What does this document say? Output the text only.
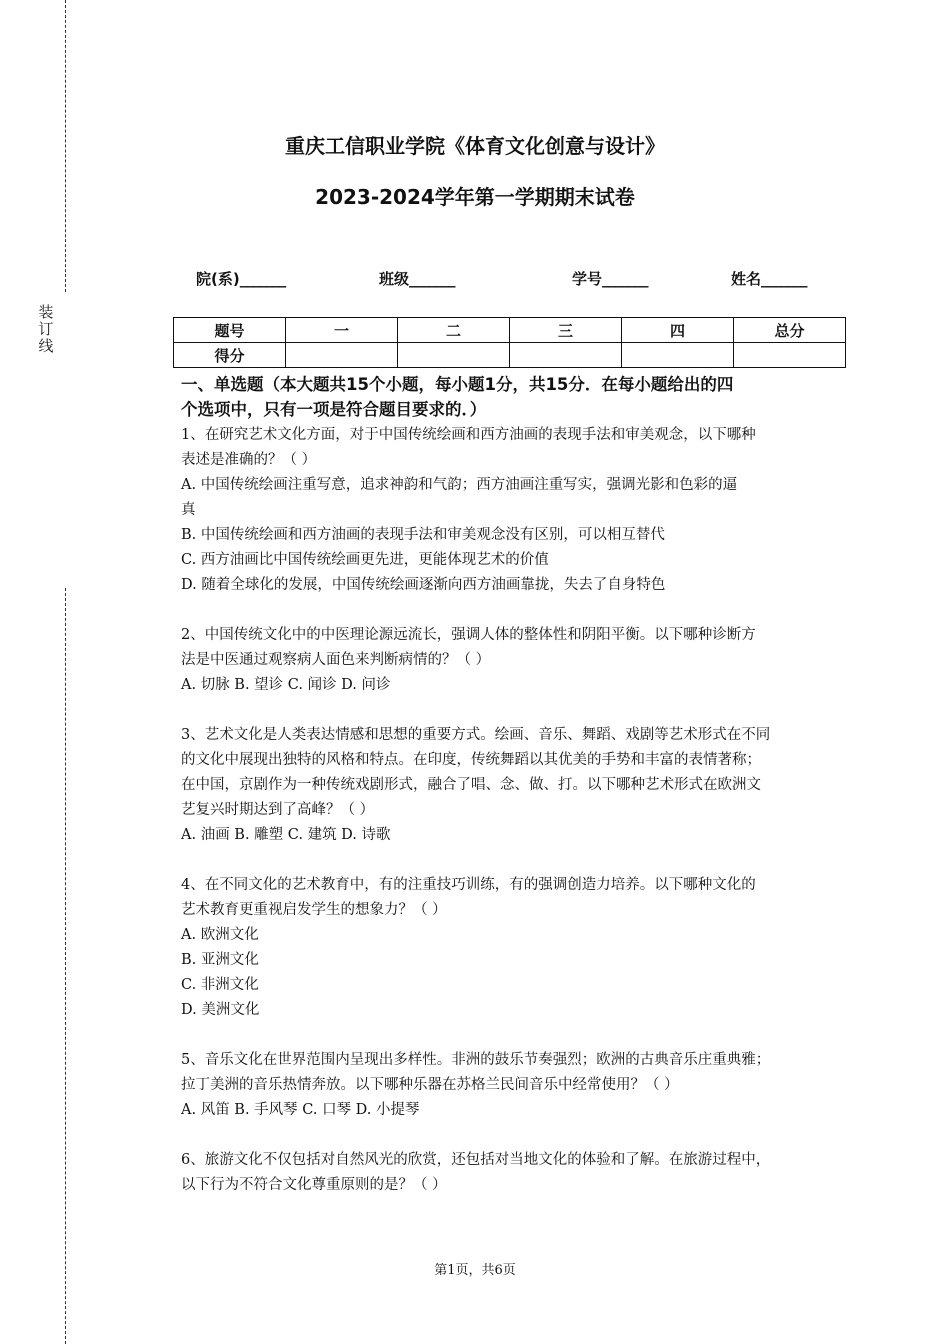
装
订
线
重庆工信职业学院《体育文化创意与设计》
2023-2024学年第一学期期末试卷
院(系)_______	班级_______	学号_______	姓名_______
题号	一	二	三	四	总分
得分					
一、单选题（本大题共15个小题，每小题1分，共15分．在每小题给出的四
个选项中，只有一项是符合题目要求的．）
1、在研究艺术文化方面，对于中国传统绘画和西方油画的表现手法和审美观念，以下哪种
表述是准确的？（ ）
A. 中国传统绘画注重写意，追求神韵和气韵；西方油画注重写实，强调光影和色彩的逼
真
B. 中国传统绘画和西方油画的表现手法和审美观念没有区别，可以相互替代
C. 西方油画比中国传统绘画更先进，更能体现艺术的价值
D. 随着全球化的发展，中国传统绘画逐渐向西方油画靠拢，失去了自身特色
2、中国传统文化中的中医理论源远流长，强调人体的整体性和阴阳平衡。以下哪种诊断方
法是中医通过观察病人面色来判断病情的？（ ）
A. 切脉 B. 望诊 C. 闻诊 D. 问诊
3、艺术文化是人类表达情感和思想的重要方式。绘画、音乐、舞蹈、戏剧等艺术形式在不同
的文化中展现出独特的风格和特点。在印度，传统舞蹈以其优美的手势和丰富的表情著称；
在中国，京剧作为一种传统戏剧形式，融合了唱、念、做、打。以下哪种艺术形式在欧洲文
艺复兴时期达到了高峰？（ ）
A. 油画 B. 雕塑 C. 建筑 D. 诗歌
4、在不同文化的艺术教育中，有的注重技巧训练，有的强调创造力培养。以下哪种文化的
艺术教育更重视启发学生的想象力？（ ）
A. 欧洲文化
B. 亚洲文化
C. 非洲文化
D. 美洲文化
5、音乐文化在世界范围内呈现出多样性。非洲的鼓乐节奏强烈；欧洲的古典音乐庄重典雅；
拉丁美洲的音乐热情奔放。以下哪种乐器在苏格兰民间音乐中经常使用？（ ）
A. 风笛 B. 手风琴 C. 口琴 D. 小提琴
6、旅游文化不仅包括对自然风光的欣赏，还包括对当地文化的体验和了解。在旅游过程中，
以下行为不符合文化尊重原则的是？（ ）
第1页，共6页
